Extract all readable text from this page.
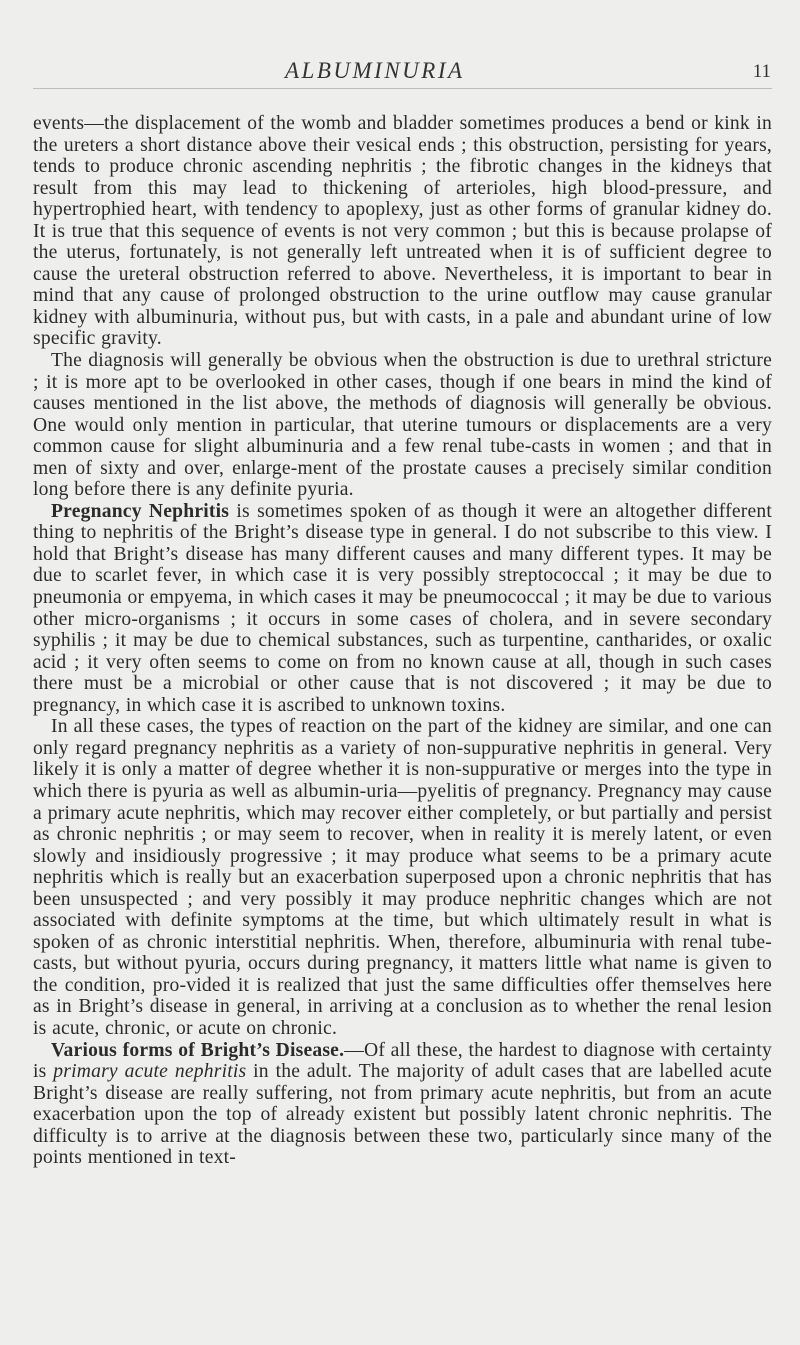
ALBUMINURIA	11

events—the displacement of the womb and bladder sometimes produces a bend or kink in the ureters a short distance above their vesical ends ; this obstruction, persisting for years, tends to produce chronic ascending nephritis ; the fibrotic changes in the kidneys that result from this may lead to thickening of arterioles, high blood-pressure, and hypertrophied heart, with tendency to apoplexy, just as other forms of granular kidney do. It is true that this sequence of events is not very common ; but this is because prolapse of the uterus, fortunately, is not generally left untreated when it is of sufficient degree to cause the ureteral obstruction referred to above. Nevertheless, it is important to bear in mind that any cause of prolonged obstruction to the urine outflow may cause granular kidney with albuminuria, without pus, but with casts, in a pale and abundant urine of low specific gravity.

The diagnosis will generally be obvious when the obstruction is due to urethral stricture ; it is more apt to be overlooked in other cases, though if one bears in mind the kind of causes mentioned in the list above, the methods of diagnosis will generally be obvious. One would only mention in particular, that uterine tumours or displacements are a very common cause for slight albuminuria and a few renal tube-casts in women ; and that in men of sixty and over, enlarge-ment of the prostate causes a precisely similar condition long before there is any definite pyuria.

Pregnancy Nephritis is sometimes spoken of as though it were an altogether different thing to nephritis of the Bright’s disease type in general. I do not subscribe to this view. I hold that Bright’s disease has many different causes and many different types. It may be due to scarlet fever, in which case it is very possibly streptococcal ; it may be due to pneumonia or empyema, in which cases it may be pneumococcal ; it may be due to various other micro-organisms ; it occurs in some cases of cholera, and in severe secondary syphilis ; it may be due to chemical substances, such as turpentine, cantharides, or oxalic acid ; it very often seems to come on from no known cause at all, though in such cases there must be a microbial or other cause that is not discovered ; it may be due to pregnancy, in which case it is ascribed to unknown toxins.

In all these cases, the types of reaction on the part of the kidney are similar, and one can only regard pregnancy nephritis as a variety of non-suppurative nephritis in general. Very likely it is only a matter of degree whether it is non-suppurative or merges into the type in which there is pyuria as well as albumin-uria—pyelitis of pregnancy. Pregnancy may cause a primary acute nephritis, which may recover either completely, or but partially and persist as chronic nephritis ; or may seem to recover, when in reality it is merely latent, or even slowly and insidiously progressive ; it may produce what seems to be a primary acute nephritis which is really but an exacerbation superposed upon a chronic nephritis that has been unsuspected ; and very possibly it may produce nephritic changes which are not associated with definite symptoms at the time, but which ultimately result in what is spoken of as chronic interstitial nephritis. When, therefore, albuminuria with renal tube-casts, but without pyuria, occurs during pregnancy, it matters little what name is given to the condition, pro-vided it is realized that just the same difficulties offer themselves here as in Bright’s disease in general, in arriving at a conclusion as to whether the renal lesion is acute, chronic, or acute on chronic.

Various forms of Bright’s Disease.—Of all these, the hardest to diagnose with certainty is primary acute nephritis in the adult. The majority of adult cases that are labelled acute Bright’s disease are really suffering, not from primary acute nephritis, but from an acute exacerbation upon the top of already existent but possibly latent chronic nephritis. The difficulty is to arrive at the diagnosis between these two, particularly since many of the points mentioned in text-
